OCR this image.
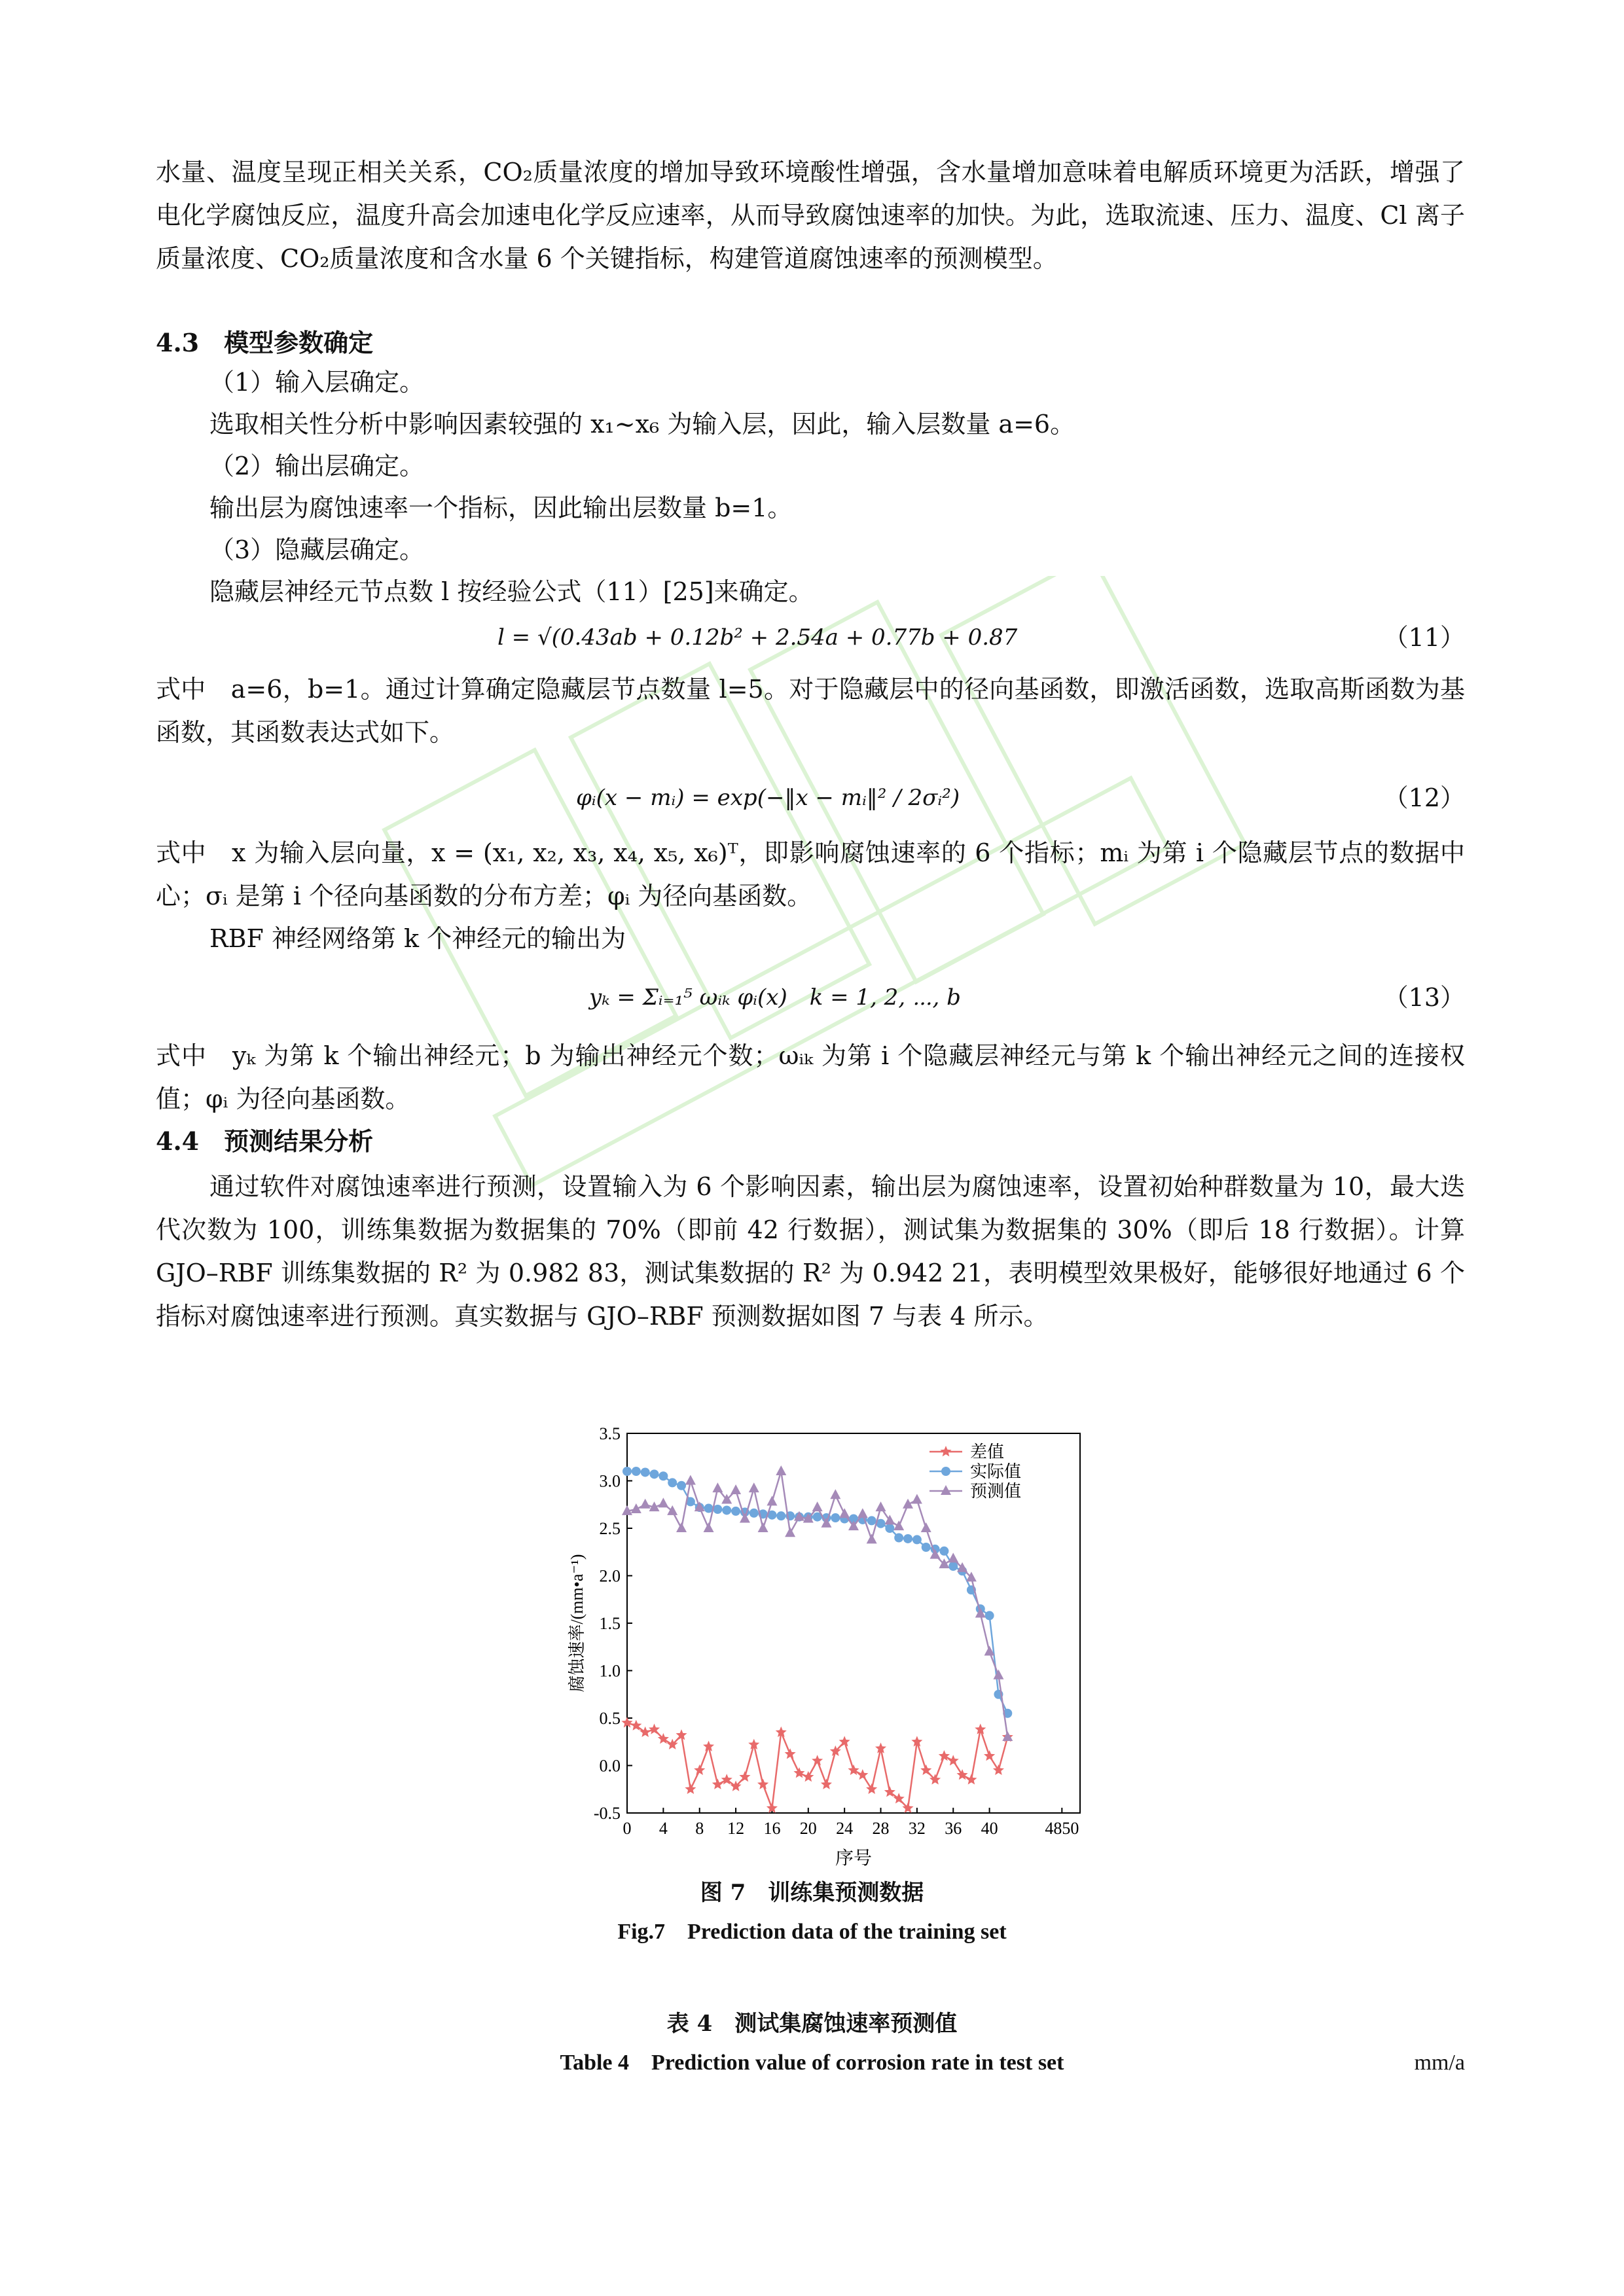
水量、温度呈现正相关关系，CO₂质量浓度的增加导致环境酸性增强，含水量增加意味着电解质环境更为活跃，增强了电化学腐蚀反应，温度升高会加速电化学反应速率，从而导致腐蚀速率的加快。为此，选取流速、压力、温度、Cl 离子质量浓度、CO₂质量浓度和含水量 6 个关键指标，构建管道腐蚀速率的预测模型。
4.3　模型参数确定
（1）输入层确定。
选取相关性分析中影响因素较强的 x₁~x₆ 为输入层，因此，输入层数量 a=6。
（2）输出层确定。
输出层为腐蚀速率一个指标，因此输出层数量 b=1。
（3）隐藏层确定。
隐藏层神经元节点数 l 按经验公式（11）[25]来确定。
l = √(0.43ab + 0.12b² + 2.54a + 0.77b + 0.87	（11）
式中　a=6，b=1。通过计算确定隐藏层节点数量 l=5。对于隐藏层中的径向基函数，即激活函数，选取高斯函数为基函数，其函数表达式如下。
φᵢ(x − mᵢ) = exp(−‖x − mᵢ‖² / 2σᵢ²)	（12）
式中　x 为输入层向量，x = (x₁, x₂, x₃, x₄, x₅, x₆)ᵀ，即影响腐蚀速率的 6 个指标；mᵢ 为第 i 个隐藏层节点的数据中心；σᵢ 是第 i 个径向基函数的分布方差；φᵢ 为径向基函数。
RBF 神经网络第 k 个神经元的输出为
yₖ = Σᵢ₌₁⁵ ωᵢₖ φᵢ(x)　k = 1, 2, ⋯, b	（13）
式中　yₖ 为第 k 个输出神经元；b 为输出神经元个数；ωᵢₖ 为第 i 个隐藏层神经元与第 k 个输出神经元之间的连接权值；φᵢ 为径向基函数。
4.4　预测结果分析
通过软件对腐蚀速率进行预测，设置输入为 6 个影响因素，输出层为腐蚀速率，设置初始种群数量为 10，最大迭代次数为 100，训练集数据为数据集的 70%（即前 42 行数据），测试集为数据集的 30%（即后 18 行数据）。计算 GJO–RBF 训练集数据的 R² 为 0.982 83，测试集数据的 R² 为 0.942 21，表明模型效果极好，能够很好地通过 6 个指标对腐蚀速率进行预测。真实数据与 GJO–RBF 预测数据如图 7 与表 4 所示。
-0.5
0.0
0.5
1.0
1.5
2.0
2.5
3.0
3.5
0 4 8 12 16 20 24 28 32 36 40	4850
序号
腐蚀速率/(mm•a⁻¹)
差值
实际值
预测值
图 7　训练集预测数据
Fig.7　Prediction data of the training set
表 4　测试集腐蚀速率预测值
Table 4　Prediction value of corrosion rate in test set	mm/a
